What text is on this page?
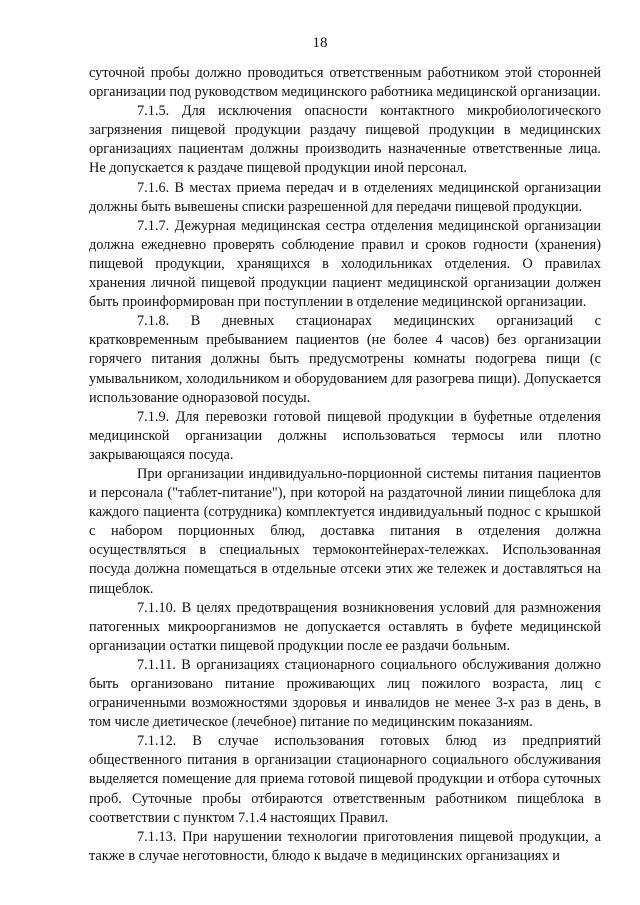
18

суточной пробы должно проводиться ответственным работником этой сторонней организации под руководством медицинского работника медицинской организации.

7.1.5. Для исключения опасности контактного микробиологического загрязнения пищевой продукции раздачу пищевой продукции в медицинских организациях пациентам должны производить назначенные ответственные лица. Не допускается к раздаче пищевой продукции иной персонал.

7.1.6. В местах приема передач и в отделениях медицинской организации должны быть вывешены списки разрешенной для передачи пищевой продукции.

7.1.7. Дежурная медицинская сестра отделения медицинской организации должна ежедневно проверять соблюдение правил и сроков годности (хранения) пищевой продукции, хранящихся в холодильниках отделения. О правилах хранения личной пищевой продукции пациент медицинской организации должен быть проинформирован при поступлении в отделение медицинской организации.

7.1.8. В дневных стационарах медицинских организаций с кратковременным пребыванием пациентов (не более 4 часов) без организации горячего питания должны быть предусмотрены комнаты подогрева пищи (с умывальником, холодильником и оборудованием для разогрева пищи). Допускается использование одноразовой посуды.

7.1.9. Для перевозки готовой пищевой продукции в буфетные отделения медицинской организации должны использоваться термосы или плотно закрывающаяся посуда.

При организации индивидуально-порционной системы питания пациентов и персонала ("таблет-питание"), при которой на раздаточной линии пищеблока для каждого пациента (сотрудника) комплектуется индивидуальный поднос с крышкой с набором порционных блюд, доставка питания в отделения должна осуществляться в специальных термоконтейнерах-тележках. Использованная посуда должна помещаться в отдельные отсеки этих же тележек и доставляться на пищеблок.

7.1.10. В целях предотвращения возникновения условий для размножения патогенных микроорганизмов не допускается оставлять в буфете медицинской организации остатки пищевой продукции после ее раздачи больным.

7.1.11. В организациях стационарного социального обслуживания должно быть организовано питание проживающих лиц пожилого возраста, лиц с ограниченными возможностями здоровья и инвалидов не менее 3-х раз в день, в том числе диетическое (лечебное) питание по медицинским показаниям.

7.1.12. В случае использования готовых блюд из предприятий общественного питания в организации стационарного социального обслуживания выделяется помещение для приема готовой пищевой продукции и отбора суточных проб. Суточные пробы отбираются ответственным работником пищеблока в соответствии с пунктом 7.1.4 настоящих Правил.

7.1.13. При нарушении технологии приготовления пищевой продукции, а также в случае неготовности, блюдо к выдаче в медицинских организациях и
